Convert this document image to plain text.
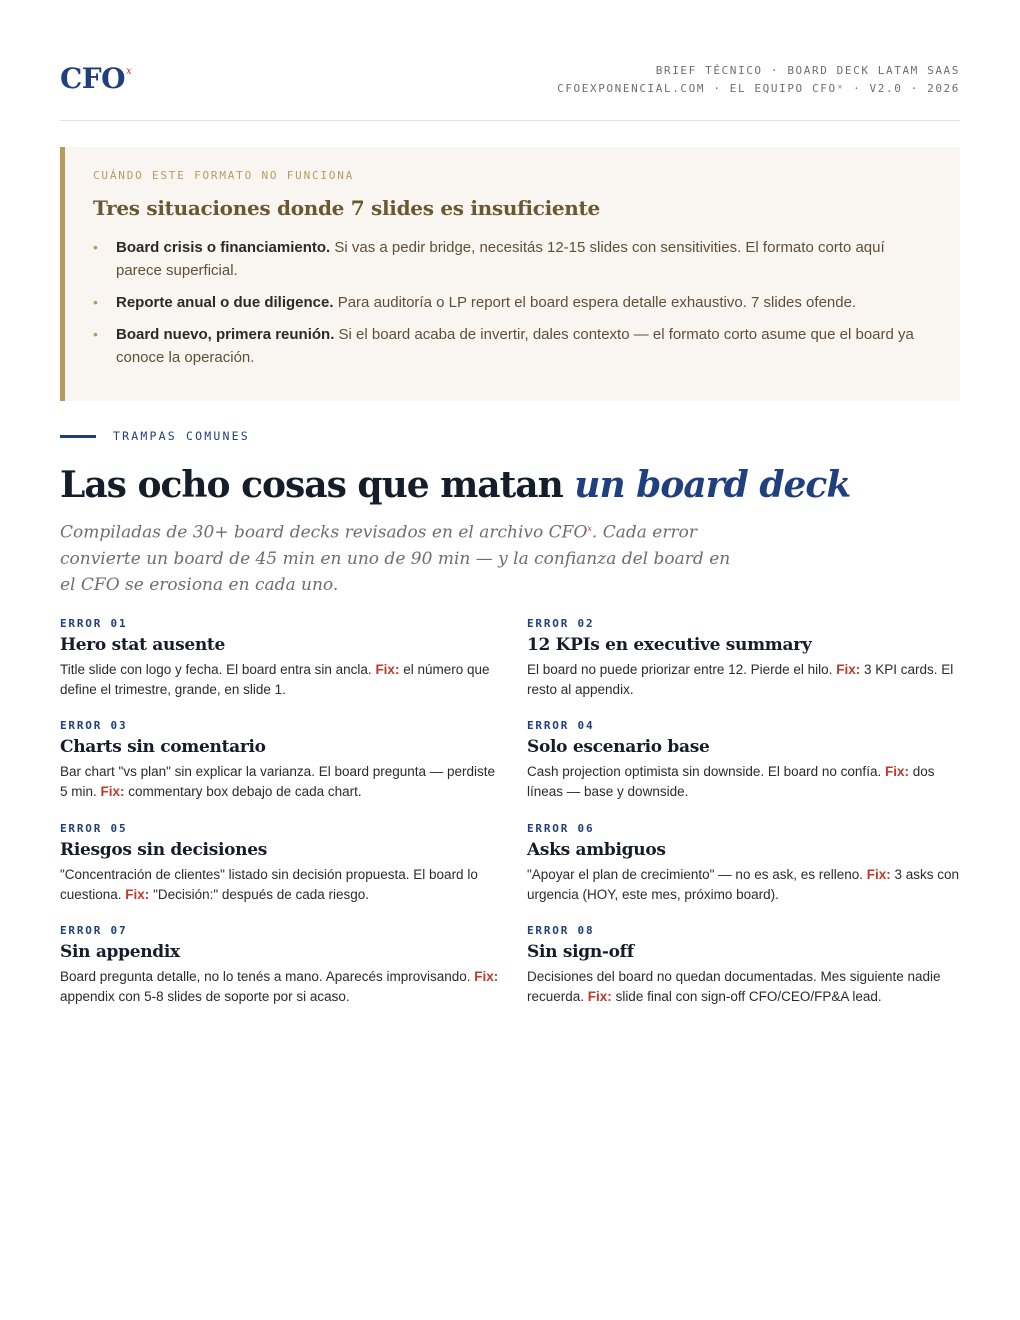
CFO$^x$	BRIEF TÉCNICO · BOARD DECK LATAM SAAS
CFOEXPONENCIAL.COM · EL EQUIPO CFOˣ · V2.0 · 2026
CUÁNDO ESTE FORMATO NO FUNCIONA
Tres situaciones donde 7 slides es insuficiente
• Board crisis o financiamiento. Si vas a pedir bridge, necesitás 12-15 slides con sensitivities. El formato corto aquí parece superficial.
• Reporte anual o due diligence. Para auditoría o LP report el board espera detalle exhaustivo. 7 slides ofende.
• Board nuevo, primera reunión. Si el board acaba de invertir, dales contexto — el formato corto asume que el board ya conoce la operación.
TRAMPAS COMUNES
Las ocho cosas que matan un board deck
Compiladas de 30+ board decks revisados en el archivo CFO$^x$. Cada error convierte un board de 45 min en uno de 90 min — y la confianza del board en el CFO se erosiona en cada uno.
ERROR 01
Hero stat ausente
Title slide con logo y fecha. El board entra sin ancla. Fix: el número que define el trimestre, grande, en slide 1.
ERROR 02
12 KPIs en executive summary
El board no puede priorizar entre 12. Pierde el hilo. Fix: 3 KPI cards. El resto al appendix.
ERROR 03
Charts sin comentario
Bar chart "vs plan" sin explicar la varianza. El board pregunta — perdiste 5 min. Fix: commentary box debajo de cada chart.
ERROR 04
Solo escenario base
Cash projection optimista sin downside. El board no confía. Fix: dos líneas — base y downside.
ERROR 05
Riesgos sin decisiones
"Concentración de clientes" listado sin decisión propuesta. El board lo cuestiona. Fix: "Decisión:" después de cada riesgo.
ERROR 06
Asks ambiguos
"Apoyar el plan de crecimiento" — no es ask, es relleno. Fix: 3 asks con urgencia (HOY, este mes, próximo board).
ERROR 07
Sin appendix
Board pregunta detalle, no lo tenés a mano. Aparecés improvisando. Fix: appendix con 5-8 slides de soporte por si acaso.
ERROR 08
Sin sign-off
Decisiones del board no quedan documentadas. Mes siguiente nadie recuerda. Fix: slide final con sign-off CFO/CEO/FP&A lead.
